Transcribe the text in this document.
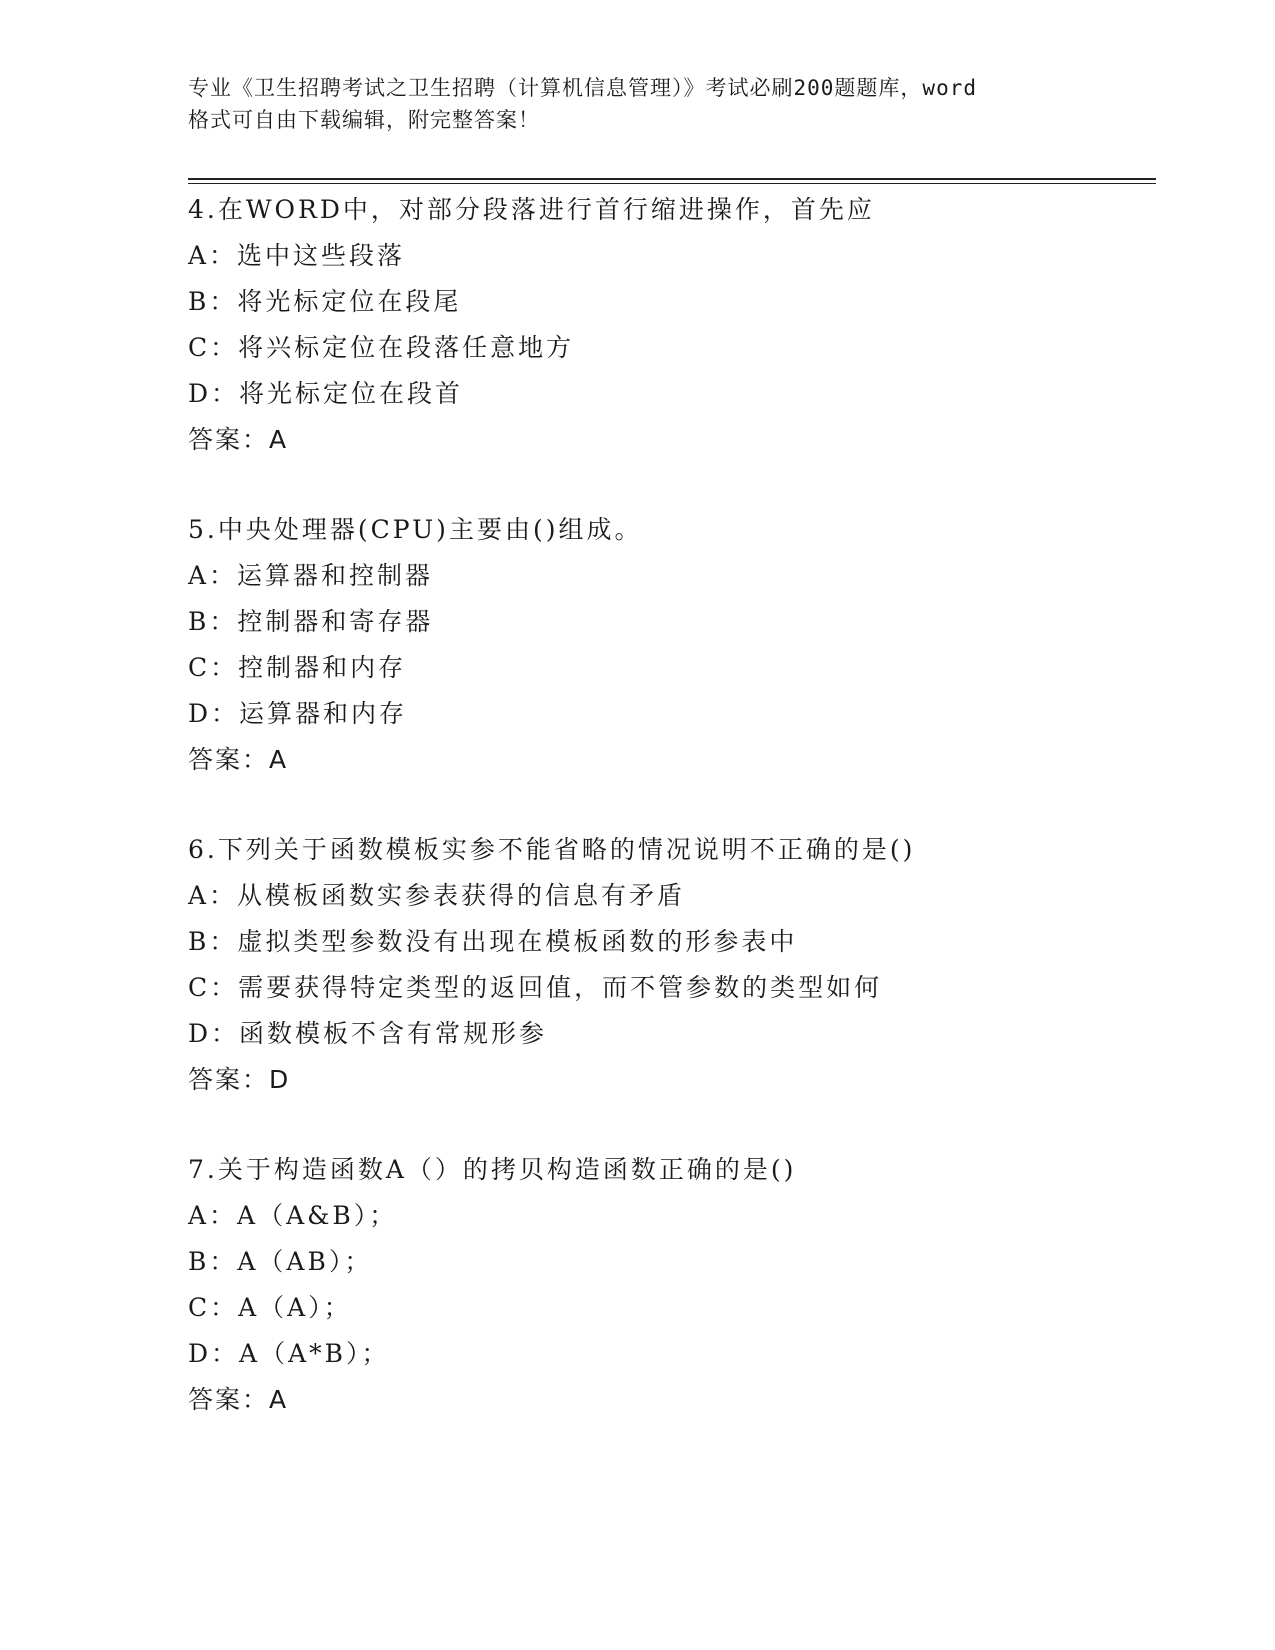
专业《卫生招聘考试之卫生招聘（计算机信息管理）》考试必刷200题题库，word
格式可自由下载编辑，附完整答案！
4.在WORD中，对部分段落进行首行缩进操作，首先应
A：选中这些段落
B：将光标定位在段尾
C：将兴标定位在段落任意地方
D：将光标定位在段首
答案：A
5.中央处理器(CPU)主要由()组成。
A：运算器和控制器
B：控制器和寄存器
C：控制器和内存
D：运算器和内存
答案：A
6.下列关于函数模板实参不能省略的情况说明不正确的是()
A：从模板函数实参表获得的信息有矛盾
B：虚拟类型参数没有出现在模板函数的形参表中
C：需要获得特定类型的返回值，而不管参数的类型如何
D：函数模板不含有常规形参
答案：D
7.关于构造函数A（）的拷贝构造函数正确的是()
A：A（A&B）；
B：A（AB）；
C：A（A）；
D：A（A*B）；
答案：A
